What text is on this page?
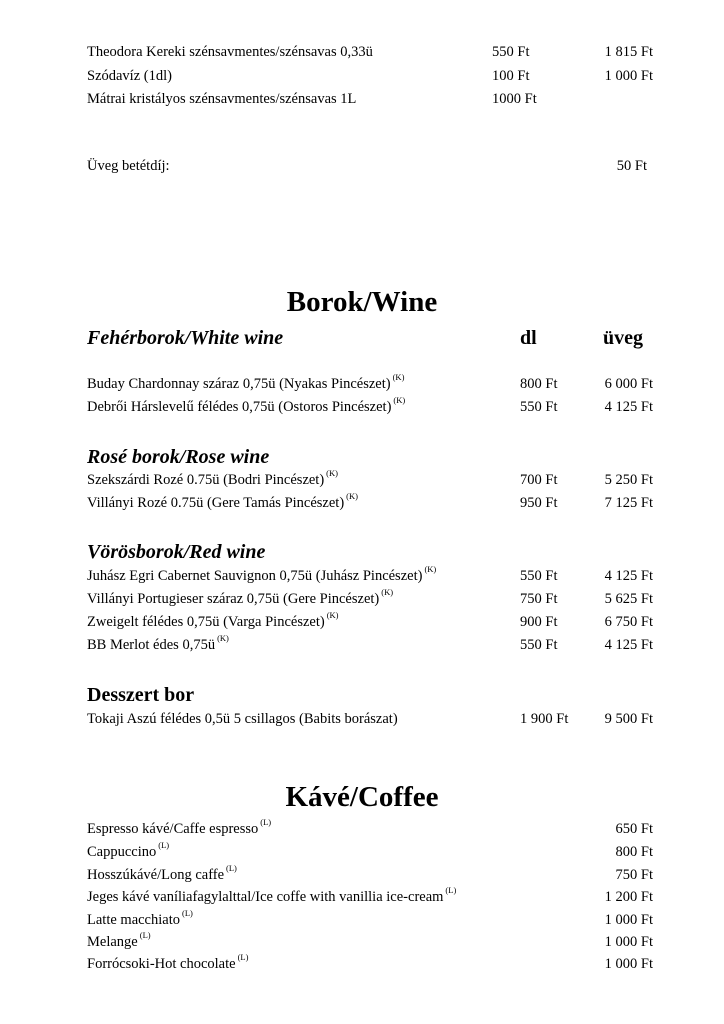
Theodora Kereki szénsavmentes/szénsavas 0,33ü	550 Ft	1 815 Ft
Szódavíz (1dl)	100 Ft	1 000 Ft
Mátrai kristályos szénsavmentes/szénsavas 1L	1000 Ft
Üveg betétdíj:	50 Ft
Borok/Wine
Fehérborok/White wine	dl	üveg
Buday Chardonnay száraz 0,75ü (Nyakas Pincészet) $^{(K)}$	800 Ft	6 000 Ft
Debrői Hárslevelű félédes 0,75ü (Ostoros Pincészet) $^{(K)}$	550 Ft	4 125 Ft
Rosé borok/Rose wine
Szekszárdi Rozé 0.75ü (Bodri Pincészet) $^{(K)}$	700 Ft	5 250 Ft
Villányi Rozé 0.75ü (Gere Tamás Pincészet) $^{(K)}$	950 Ft	7 125 Ft
Vörösborok/Red wine
Juhász Egri Cabernet Sauvignon 0,75ü (Juhász Pincészet) $^{(K)}$	550 Ft	4 125 Ft
Villányi Portugieser száraz 0,75ü (Gere Pincészet) $^{(K)}$	750 Ft	5 625 Ft
Zweigelt félédes 0,75ü (Varga Pincészet) $^{(K)}$	900 Ft	6 750 Ft
BB Merlot édes 0,75ü $^{(K)}$	550 Ft	4 125 Ft
Desszert bor
Tokaji Aszú félédes 0,5ü 5 csillagos (Babits borászat)	1 900 Ft	9 500 Ft
Kávé/Coffee
Espresso kávé/Caffe espresso $^{(L)}$	650 Ft
Cappuccino $^{(L)}$	800 Ft
Hosszúkávé/Long caffe $^{(L)}$	750 Ft
Jeges kávé vaníliafagylalttal/Ice coffe with vanillia ice-cream $^{(L)}$	1 200 Ft
Latte macchiato $^{(L)}$	1 000 Ft
Melange $^{(L)}$	1 000 Ft
Forrócsoki-Hot chocolate $^{(L)}$	1 000 Ft
